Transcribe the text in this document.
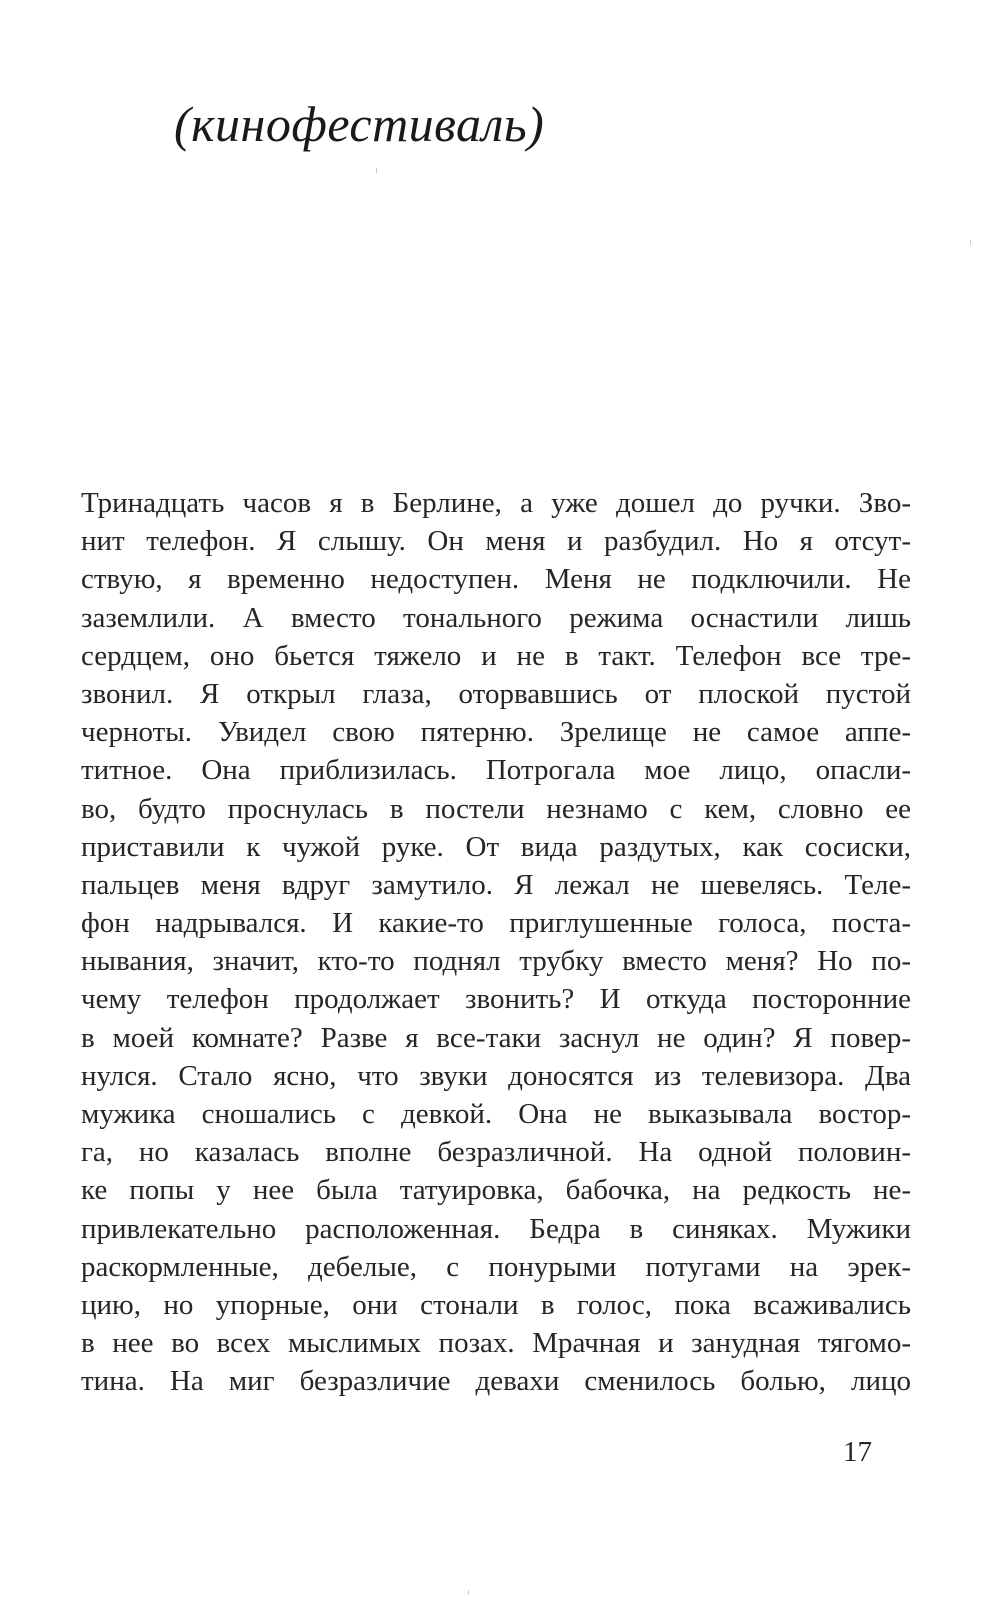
(кинофестиваль)
Тринадцать часов я в Берлине, а уже дошел до ручки. Зво-
нит телефон. Я слышу. Он меня и разбудил. Но я отсут-
ствую, я временно недоступен. Меня не подключили. Не
заземлили. А вместо тонального режима оснастили лишь
сердцем, оно бьется тяжело и не в такт. Телефон все тре-
звонил. Я открыл глаза, оторвавшись от плоской пустой
черноты. Увидел свою пятерню. Зрелище не самое аппе-
титное. Она приблизилась. Потрогала мое лицо, опасли-
во, будто проснулась в постели незнамо с кем, словно ее
приставили к чужой руке. От вида раздутых, как сосиски,
пальцев меня вдруг замутило. Я лежал не шевелясь. Теле-
фон надрывался. И какие-то приглушенные голоса, поста-
нывания, значит, кто-то поднял трубку вместо меня? Но по-
чему телефон продолжает звонить? И откуда посторонние
в моей комнате? Разве я все-таки заснул не один? Я повер-
нулся. Стало ясно, что звуки доносятся из телевизора. Два
мужика сношались с девкой. Она не выказывала востор-
га, но казалась вполне безразличной. На одной половин-
ке попы у нее была татуировка, бабочка, на редкость не-
привлекательно расположенная. Бедра в синяках. Мужики
раскормленные, дебелые, с понурыми потугами на эрек-
цию, но упорные, они стонали в голос, пока всаживались
в нее во всех мыслимых позах. Мрачная и занудная тягомо-
тина. На миг безразличие девахи сменилось болью, лицо

17
